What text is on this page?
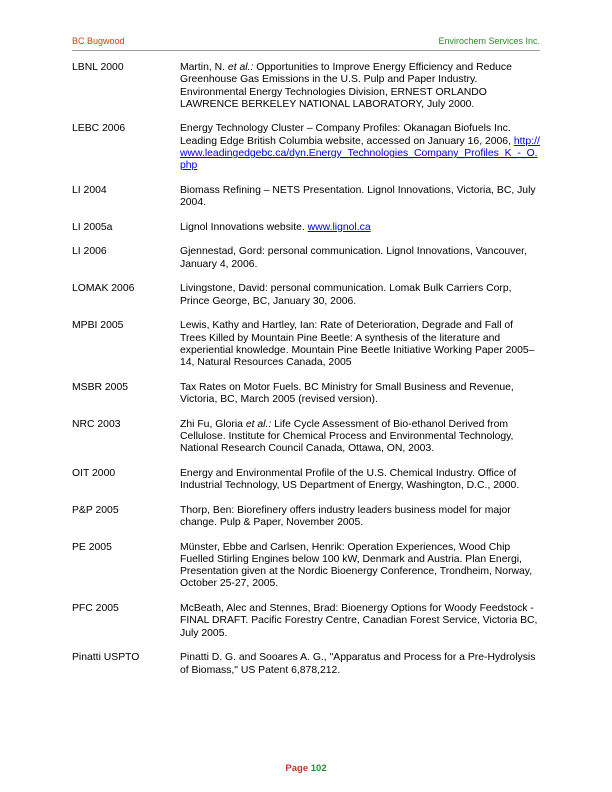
BC Bugwood	Envirochem Services Inc.
LBNL 2000	Martin, N. et al.: Opportunities to Improve Energy Efficiency and Reduce Greenhouse Gas Emissions in the U.S. Pulp and Paper Industry. Environmental Energy Technologies Division, ERNEST ORLANDO LAWRENCE BERKELEY NATIONAL LABORATORY, July 2000.
LEBC 2006	Energy Technology Cluster – Company Profiles: Okanagan Biofuels Inc. Leading Edge British Columbia website, accessed on January 16, 2006, http://www.leadingedgebc.ca/dyn.Energy_Technologies_Company_Profiles_K_-_O.php
LI 2004	Biomass Refining – NETS Presentation. Lignol Innovations, Victoria, BC, July 2004.
LI 2005a	Lignol Innovations website. www.lignol.ca
LI 2006	Gjennestad, Gord: personal communication. Lignol Innovations, Vancouver, January 4, 2006.
LOMAK 2006	Livingstone, David: personal communication. Lomak Bulk Carriers Corp, Prince George, BC, January 30, 2006.
MPBI 2005	Lewis, Kathy and Hartley, Ian: Rate of Deterioration, Degrade and Fall of Trees Killed by Mountain Pine Beetle: A synthesis of the literature and experiential knowledge. Mountain Pine Beetle Initiative Working Paper 2005–14, Natural Resources Canada, 2005
MSBR 2005	Tax Rates on Motor Fuels. BC Ministry for Small Business and Revenue, Victoria, BC, March 2005 (revised version).
NRC 2003	Zhi Fu, Gloria et al.: Life Cycle Assessment of Bio-ethanol Derived from Cellulose. Institute for Chemical Process and Environmental Technology, National Research Council Canada, Ottawa, ON, 2003.
OIT 2000	Energy and Environmental Profile of the U.S. Chemical Industry. Office of Industrial Technology, US Department of Energy, Washington, D.C., 2000.
P&P 2005	Thorp, Ben: Biorefinery offers industry leaders business model for major change. Pulp & Paper, November 2005.
PE 2005	Münster, Ebbe and Carlsen, Henrik: Operation Experiences, Wood Chip Fuelled Stirling Engines below 100 kW, Denmark and Austria. Plan Energi, Presentation given at the Nordic Bioenergy Conference, Trondheim, Norway, October 25-27, 2005.
PFC 2005	McBeath, Alec and Stennes, Brad: Bioenergy Options for Woody Feedstock - FINAL DRAFT. Pacific Forestry Centre, Canadian Forest Service, Victoria BC, July 2005.
Pinatti USPTO	Pinatti D. G. and Sooares A. G., "Apparatus and Process for a Pre-Hydrolysis of Biomass," US Patent 6,878,212.
Page 102
